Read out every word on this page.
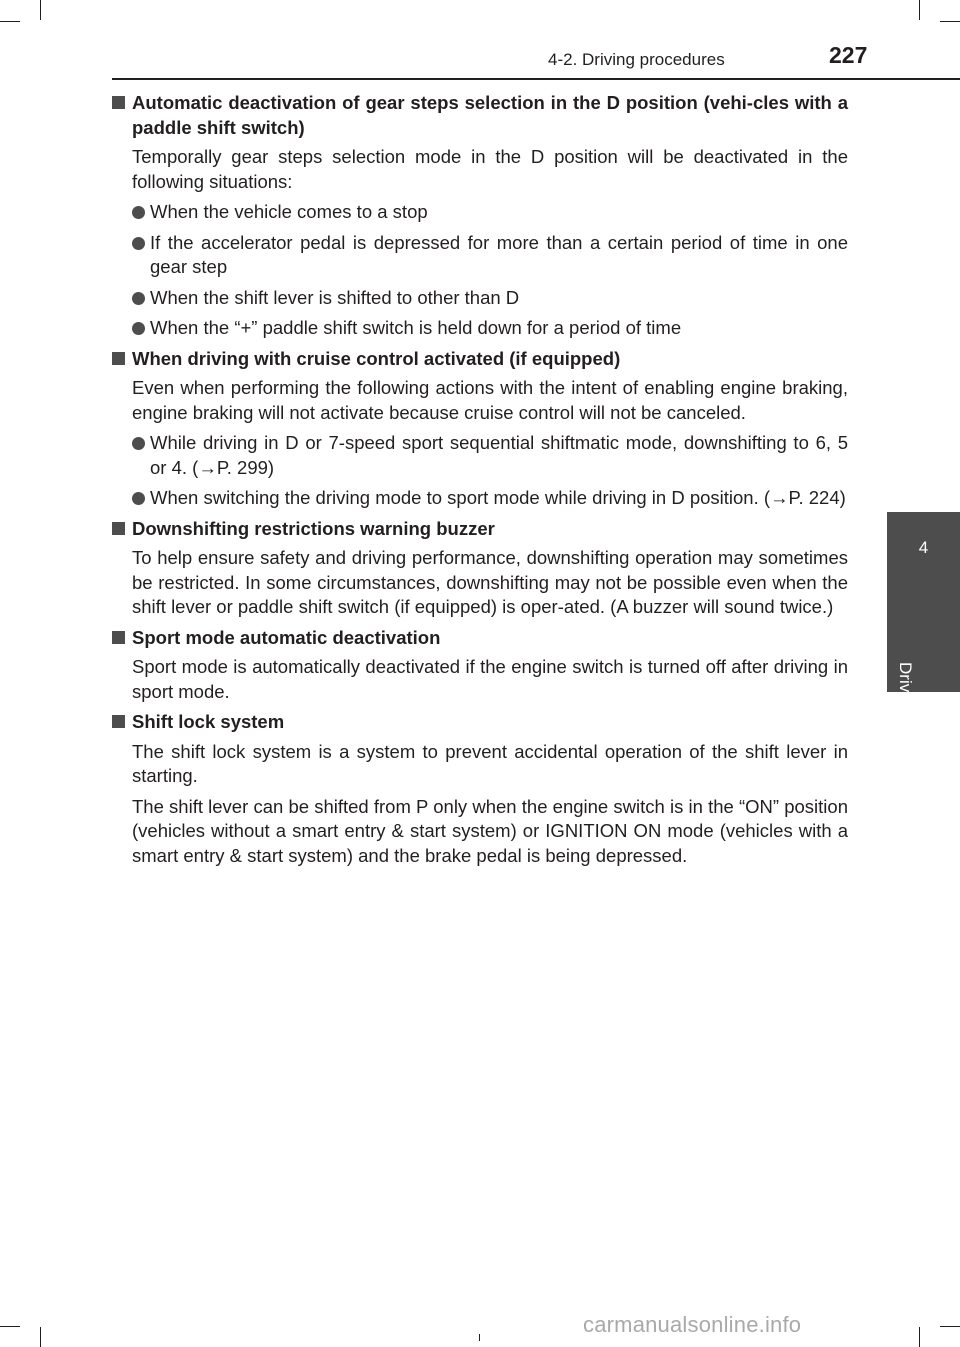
4-2. Driving procedures	227
4
Driving
Automatic deactivation of gear steps selection in the D position (vehi-cles with a paddle shift switch)
Temporally gear steps selection mode in the D position will be deactivated in the following situations:
When the vehicle comes to a stop
If the accelerator pedal is depressed for more than a certain period of time in one gear step
When the shift lever is shifted to other than D
When the “+” paddle shift switch is held down for a period of time
When driving with cruise control activated (if equipped)
Even when performing the following actions with the intent of enabling engine braking, engine braking will not activate because cruise control will not be canceled.
While driving in D or 7-speed sport sequential shiftmatic mode, downshifting to 6, 5 or 4. (→P. 299)
When switching the driving mode to sport mode while driving in D position. (→P. 224)
Downshifting restrictions warning buzzer
To help ensure safety and driving performance, downshifting operation may sometimes be restricted. In some circumstances, downshifting may not be possible even when the shift lever or paddle shift switch (if equipped) is oper-ated. (A buzzer will sound twice.)
Sport mode automatic deactivation
Sport mode is automatically deactivated if the engine switch is turned off after driving in sport mode.
Shift lock system
The shift lock system is a system to prevent accidental operation of the shift lever in starting.
The shift lever can be shifted from P only when the engine switch is in the “ON” position (vehicles without a smart entry & start system) or IGNITION ON mode (vehicles with a smart entry & start system) and the brake pedal is being depressed.
carmanualsonline.info
